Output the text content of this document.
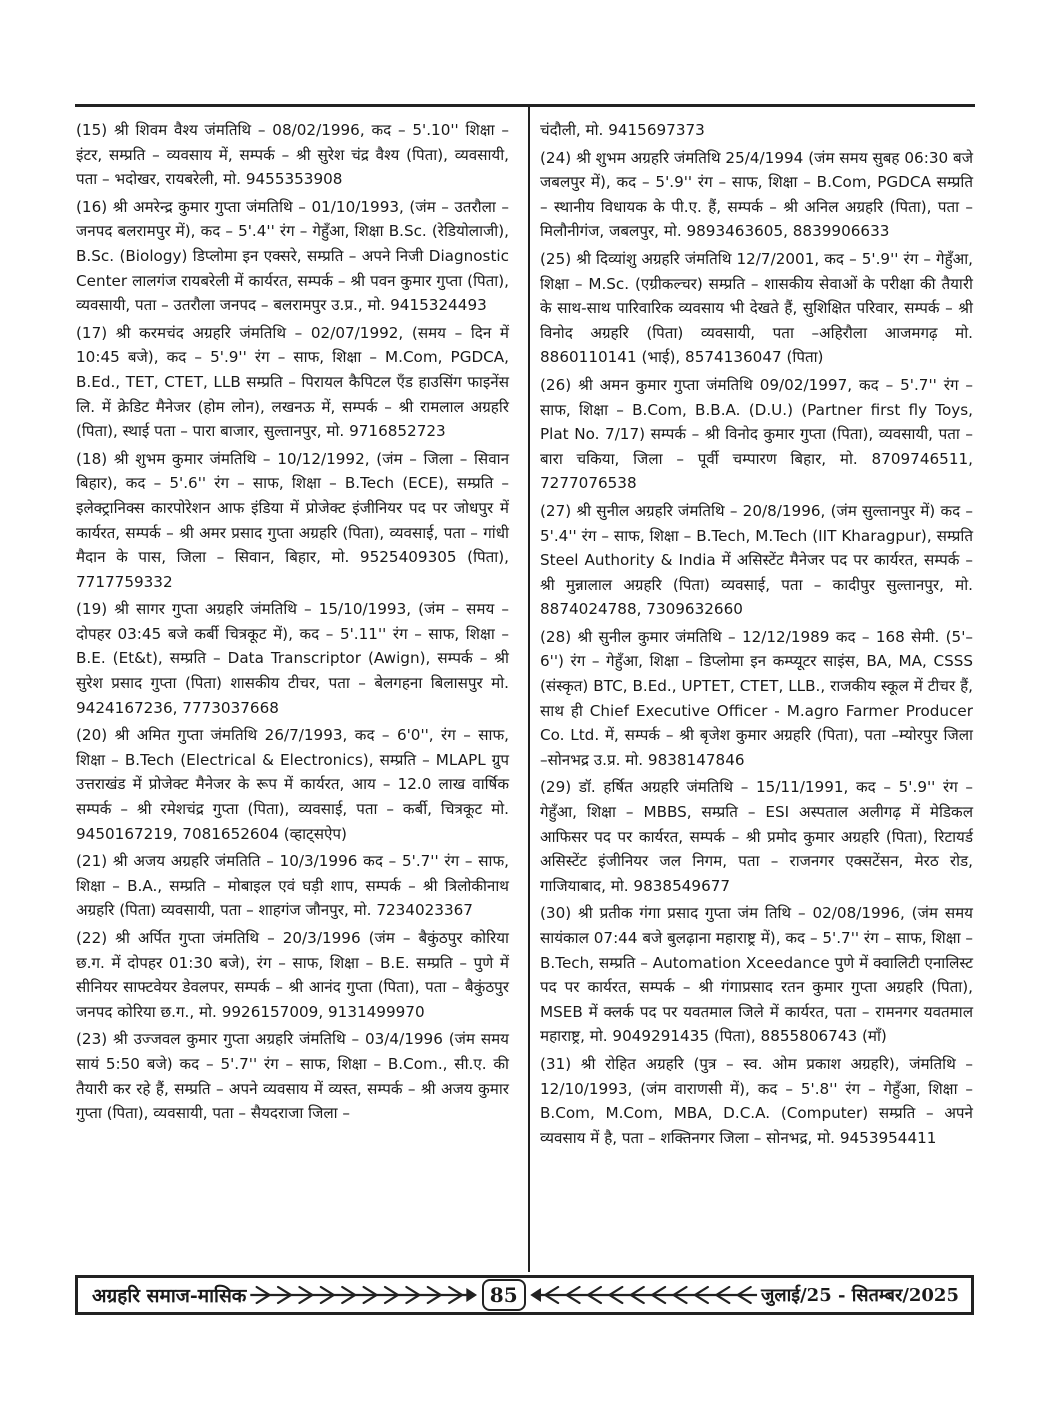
(15) श्री शिवम वैश्य जंमतिथि – 08/02/1996, कद – 5'.10'' शिक्षा – इंटर, सम्प्रति – व्यवसाय में, सम्पर्क – श्री सुरेश चंद्र वैश्य (पिता), व्यवसायी, पता – भदोखर, रायबरेली, मो. 9455353908

(16) श्री अमरेन्द्र कुमार गुप्ता जंमतिथि – 01/10/1993, (जंम – उतरौला – जनपद बलरामपुर में), कद – 5'.4'' रंग – गेहुँआ, शिक्षा B.Sc. (रेडियोलाजी), B.Sc. (Biology) डिप्लोमा इन एक्सरे, सम्प्रति – अपने निजी Diagnostic Center लालगंज रायबरेली में कार्यरत, सम्पर्क – श्री पवन कुमार गुप्ता (पिता), व्यवसायी, पता – उतरौला जनपद – बलरामपुर उ.प्र., मो. 9415324493

(17) श्री करमचंद अग्रहरि जंमतिथि – 02/07/1992, (समय – दिन में 10:45 बजे), कद – 5'.9'' रंग – साफ, शिक्षा – M.Com, PGDCA, B.Ed., TET, CTET, LLB सम्प्रति – पिरायल कैपिटल ऍंड हाउसिंग फाइनेंस लि. में क्रेडिट मैनेजर (होम लोन), लखनऊ में, सम्पर्क – श्री रामलाल अग्रहरि (पिता), स्थाई पता – पारा बाजार, सुल्तानपुर, मो. 9716852723

(18) श्री शुभम कुमार जंमतिथि – 10/12/1992, (जंम – जिला – सिवान बिहार), कद – 5'.6'' रंग – साफ, शिक्षा – B.Tech (ECE), सम्प्रति – इलेक्ट्रानिक्स कारपोरेशन आफ इंडिया में प्रोजेक्ट इंजीनियर पद पर जोधपुर में कार्यरत, सम्पर्क – श्री अमर प्रसाद गुप्ता अग्रहरि (पिता), व्यवसाई, पता – गांधी मैदान के पास, जिला – सिवान, बिहार, मो. 9525409305 (पिता), 7717759332

(19) श्री सागर गुप्ता अग्रहरि जंमतिथि – 15/10/1993, (जंम – समय – दोपहर 03:45 बजे कर्बी चित्रकूट में), कद – 5'.11'' रंग – साफ, शिक्षा – B.E. (Et&t), सम्प्रति – Data Transcriptor (Awign), सम्पर्क – श्री सुरेश प्रसाद गुप्ता (पिता) शासकीय टीचर, पता – बेलगहना बिलासपुर मो. 9424167236, 7773037668

(20) श्री अमित गुप्ता जंमतिथि 26/7/1993, कद – 6'0'', रंग – साफ, शिक्षा – B.Tech (Electrical & Electronics), सम्प्रति – MLAPL ग्रुप उत्तराखंड में प्रोजेक्ट मैनेजर के रूप में कार्यरत, आय – 12.0 लाख वार्षिक सम्पर्क – श्री रमेशचंद्र गुप्ता (पिता), व्यवसाई, पता – कर्बी, चित्रकूट मो. 9450167219, 7081652604 (व्हाट्सऐप)

(21) श्री अजय अग्रहरि जंमतिति – 10/3/1996 कद – 5'.7'' रंग – साफ, शिक्षा – B.A., सम्प्रति – मोबाइल एवं घड़ी शाप, सम्पर्क – श्री त्रिलोकीनाथ अग्रहरि (पिता) व्यवसायी, पता – शाहगंज जौनपुर, मो. 7234023367

(22) श्री अर्पित गुप्ता जंमतिथि – 20/3/1996 (जंम – बैकुंठपुर कोरिया छ.ग. में दोपहर 01:30 बजे), रंग – साफ, शिक्षा – B.E. सम्प्रति – पुणे में सीनियर साफ्टवेयर डेवलपर, सम्पर्क – श्री आनंद गुप्ता (पिता), पता – बैकुंठपुर जनपद कोरिया छ.ग., मो. 9926157009, 9131499970

(23) श्री उज्जवल कुमार गुप्ता अग्रहरि जंमतिथि – 03/4/1996 (जंम समय सायं 5:50 बजे) कद – 5'.7'' रंग – साफ, शिक्षा – B.Com., सी.ए. की तैयारी कर रहे हैं, सम्प्रति – अपने व्यवसाय में व्यस्त, सम्पर्क – श्री अजय कुमार गुप्ता (पिता), व्यवसायी, पता – सैयदराजा जिला –

चंदौली, मो. 9415697373

(24) श्री शुभम अग्रहरि जंमतिथि 25/4/1994 (जंम समय सुबह 06:30 बजे जबलपुर में), कद – 5'.9'' रंग – साफ, शिक्षा – B.Com, PGDCA सम्प्रति – स्थानीय विधायक के पी.ए. हैं, सम्पर्क – श्री अनिल अग्रहरि (पिता), पता – मिलौनीगंज, जबलपुर, मो. 9893463605, 8839906633

(25) श्री दिव्यांशु अग्रहरि जंमतिथि 12/7/2001, कद – 5'.9'' रंग – गेहुँआ, शिक्षा – M.Sc. (एग्रीकल्चर) सम्प्रति – शासकीय सेवाओं के परीक्षा की तैयारी के साथ-साथ पारिवारिक व्यवसाय भी देखते हैं, सुशिक्षित परिवार, सम्पर्क – श्री विनोद अग्रहरि (पिता) व्यवसायी, पता –अहिरौला आजमगढ़ मो. 8860110141 (भाई), 8574136047 (पिता)

(26) श्री अमन कुमार गुप्ता जंमतिथि 09/02/1997, कद – 5'.7'' रंग – साफ, शिक्षा – B.Com, B.B.A. (D.U.) (Partner first fly Toys, Plat No. 7/17) सम्पर्क – श्री विनोद कुमार गुप्ता (पिता), व्यवसायी, पता – बारा चकिया, जिला – पूर्वी चम्पारण बिहार, मो. 8709746511, 7277076538

(27) श्री सुनील अग्रहरि जंमतिथि – 20/8/1996, (जंम सुल्तानपुर में) कद – 5'.4'' रंग – साफ, शिक्षा – B.Tech, M.Tech (IIT Kharagpur), सम्प्रति Steel Authority & India में असिस्टेंट मैनेजर पद पर कार्यरत, सम्पर्क – श्री मुन्नालाल अग्रहरि (पिता) व्यवसाई, पता – कादीपुर सुल्तानपुर, मो. 8874024788, 7309632660

(28) श्री सुनील कुमार जंमतिथि – 12/12/1989 कद – 168 सेमी. (5'–6'') रंग – गेहुँआ, शिक्षा – डिप्लोमा इन कम्प्यूटर साइंस, BA, MA, CSSS (संस्कृत) BTC, B.Ed., UPTET, CTET, LLB., राजकीय स्कूल में टीचर हैं, साथ ही Chief Executive Officer - M.agro Farmer Producer Co. Ltd. में, सम्पर्क – श्री बृजेश कुमार अग्रहरि (पिता), पता –म्योरपुर जिला –सोनभद्र उ.प्र. मो. 9838147846

(29) डॉ. हर्षित अग्रहरि जंमतिथि – 15/11/1991, कद – 5'.9'' रंग – गेहुँआ, शिक्षा – MBBS, सम्प्रति – ESI अस्पताल अलीगढ़ में मेडिकल आफिसर पद पर कार्यरत, सम्पर्क – श्री प्रमोद कुमार अग्रहरि (पिता), रिटायर्ड असिस्टेंट इंजीनियर जल निगम, पता – राजनगर एक्सटेंसन, मेरठ रोड, गाजियाबाद, मो. 9838549677

(30) श्री प्रतीक गंगा प्रसाद गुप्ता जंम तिथि – 02/08/1996, (जंम समय सायंकाल 07:44 बजे बुलढ़ाना महाराष्ट्र में), कद – 5'.7'' रंग – साफ, शिक्षा – B.Tech, सम्प्रति – Automation Xceedance पुणे में क्वालिटी एनालिस्ट पद पर कार्यरत, सम्पर्क – श्री गंगाप्रसाद रतन कुमार गुप्ता अग्रहरि (पिता), MSEB में क्लर्क पद पर यवतमाल जिले में कार्यरत, पता – रामनगर यवतमाल महाराष्ट्र, मो. 9049291435 (पिता), 8855806743 (माँ)

(31) श्री रोहित अग्रहरि (पुत्र – स्व. ओम प्रकाश अग्रहरि), जंमतिथि – 12/10/1993, (जंम वाराणसी में), कद – 5'.8'' रंग – गेहुँआ, शिक्षा – B.Com, M.Com, MBA, D.C.A. (Computer) सम्प्रति – अपने व्यवसाय में है, पता – शक्तिनगर जिला – सोनभद्र, मो. 9453954411

अग्रहरि समाज-मासिक	85	जुलाई/25 - सितम्बर/2025
